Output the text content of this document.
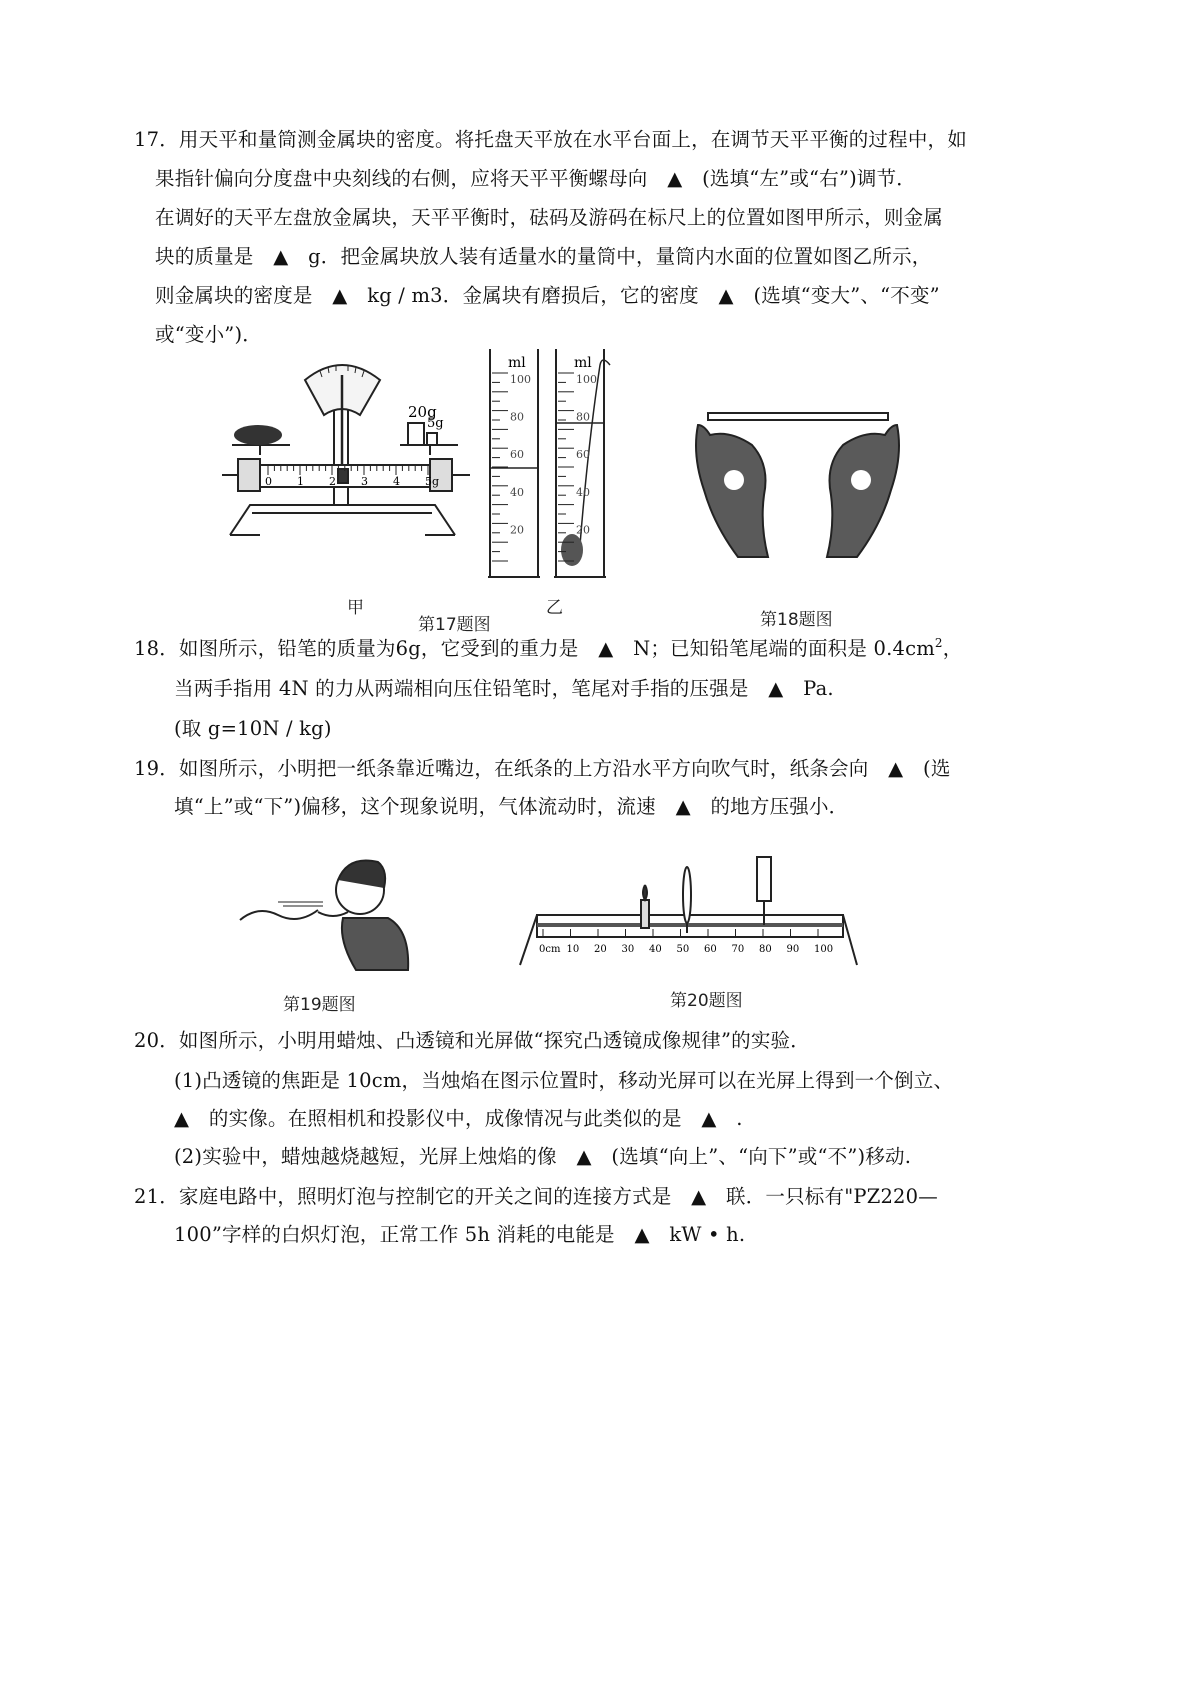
17．用天平和量筒测金属块的密度。将托盘天平放在水平台面上，在调节天平平衡的过程中，如
果指针偏向分度盘中央刻线的右侧，应将天平平衡螺母向　▲　(选填“左”或“右”)调节．
在调好的天平左盘放金属块，天平平衡时，砝码及游码在标尺上的位置如图甲所示，则金属
块的质量是　▲　g．把金属块放人装有适量水的量筒中，量筒内水面的位置如图乙所示，
则金属块的密度是　▲　kg / m3．金属块有磨损后，它的密度　▲　(选填“变大”、“不变”
或“变小”)．
20g
5g
0 1 2 3 4 5g
ml	ml
100
80
60
40
20
100
80
60
40
20
甲
第17题图
乙
第18题图
18．如图所示，铅笔的质量为6g，它受到的重力是　▲　N；已知铅笔尾端的面积是 $0.4cm^2$，
当两手指用 4N 的力从两端相向压住铅笔时，笔尾对手指的压强是　▲　Pa.
(取 g=10N / kg)
19．如图所示，小明把一纸条靠近嘴边，在纸条的上方沿水平方向吹气时，纸条会向　▲　(选
填“上”或“下”)偏移，这个现象说明，气体流动时，流速　▲　的地方压强小．
0cm 10 20 30 40 50 60 70 80 90 100
第19题图	第20题图
20．如图所示，小明用蜡烛、凸透镜和光屏做“探究凸透镜成像规律”的实验．
(1)凸透镜的焦距是 10cm，当烛焰在图示位置时，移动光屏可以在光屏上得到一个倒立、
▲　的实像。在照相机和投影仪中，成像情况与此类似的是　▲　.
(2)实验中，蜡烛越烧越短，光屏上烛焰的像　▲　(选填“向上”、“向下”或“不”)移动.
21．家庭电路中，照明灯泡与控制它的开关之间的连接方式是　▲　联．一只标有"PZ220—
100”字样的白炽灯泡，正常工作 5h 消耗的电能是　▲　kW • h.
